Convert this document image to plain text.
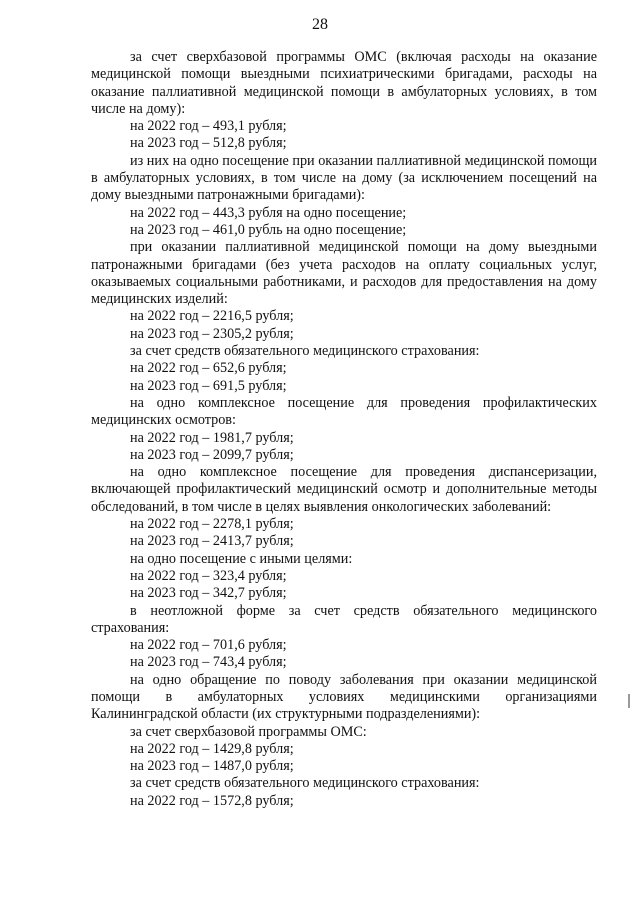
28

за счет сверхбазовой программы ОМС (включая расходы на оказание медицинской помощи выездными психиатрическими бригадами, расходы на оказание паллиативной медицинской помощи в амбулаторных условиях, в том числе на дому):

на 2022 год – 493,1 рубля;

на 2023 год – 512,8 рубля;

из них на одно посещение при оказании паллиативной медицинской помощи в амбулаторных условиях, в том числе на дому (за исключением посещений на дому выездными патронажными бригадами):

на 2022 год – 443,3 рубля на одно посещение;

на 2023 год – 461,0 рубль на одно посещение;

при оказании паллиативной медицинской помощи на дому выездными патронажными бригадами (без учета расходов на оплату социальных услуг, оказываемых социальными работниками, и расходов для предоставления на дому медицинских изделий:

на 2022 год – 2216,5 рубля;

на 2023 год – 2305,2 рубля;

за счет средств обязательного медицинского страхования:

на 2022 год – 652,6 рубля;

на 2023 год – 691,5 рубля;

на одно комплексное посещение для проведения профилактических медицинских осмотров:

на 2022 год – 1981,7 рубля;

на 2023 год – 2099,7 рубля;

на одно комплексное посещение для проведения диспансеризации, включающей профилактический медицинский осмотр и дополнительные методы обследований, в том числе в целях выявления онкологических заболеваний:

на 2022 год – 2278,1 рубля;

на 2023 год – 2413,7 рубля;

на одно посещение с иными целями:

на 2022 год – 323,4 рубля;

на 2023 год – 342,7 рубля;

в неотложной форме за счет средств обязательного медицинского страхования:

на 2022 год – 701,6 рубля;

на 2023 год – 743,4 рубля;

на одно обращение по поводу заболевания при оказании медицинской помощи в амбулаторных условиях медицинскими организациями Калининградской области (их структурными подразделениями):

за счет сверхбазовой программы ОМС:

на 2022 год – 1429,8 рубля;

на 2023 год – 1487,0 рубля;

за счет средств обязательного медицинского страхования:

на 2022 год – 1572,8 рубля;
